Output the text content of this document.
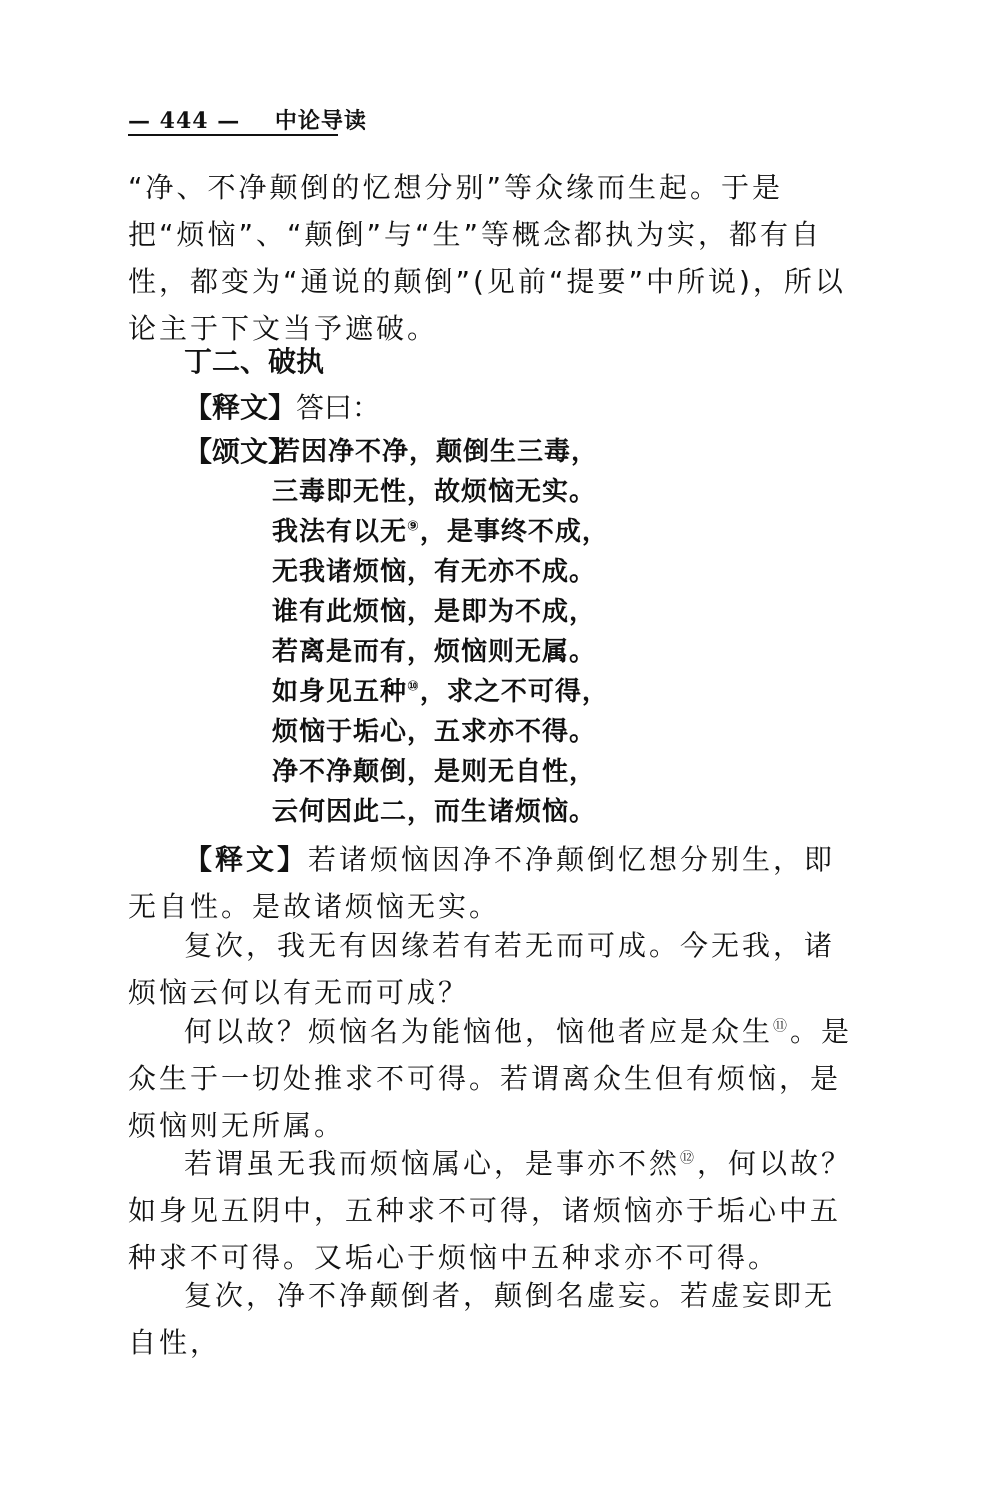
— 444 — 中论导读

“净、不净颠倒的忆想分别”等众缘而生起。于是把“烦恼”、“颠倒”与“生”等概念都执为实，都有自性，都变为“通说的颠倒”(见前“提要”中所说)，所以论主于下文当予遮破。

丁二、破执
【释文】答曰：
【颂文】
若因净不净，颠倒生三毒，
三毒即无性，故烦恼无实。
我法有以无⑨，是事终不成，
无我诸烦恼，有无亦不成。
谁有此烦恼，是即为不成，
若离是而有，烦恼则无属。
如身见五种⑩，求之不可得，
烦恼于垢心，五求亦不得。
净不净颠倒，是则无自性，
云何因此二，而生诸烦恼。

【释文】若诸烦恼因净不净颠倒忆想分别生，即无自性。是故诸烦恼无实。

复次，我无有因缘若有若无而可成。今无我，诸烦恼云何以有无而可成？

何以故？烦恼名为能恼他，恼他者应是众生⑪。是众生于一切处推求不可得。若谓离众生但有烦恼，是烦恼则无所属。

若谓虽无我而烦恼属心，是事亦不然⑫，何以故？如身见五阴中，五种求不可得，诸烦恼亦于垢心中五种求不可得。又垢心于烦恼中五种求亦不可得。

复次，净不净颠倒者，颠倒名虚妄。若虚妄即无自性，
